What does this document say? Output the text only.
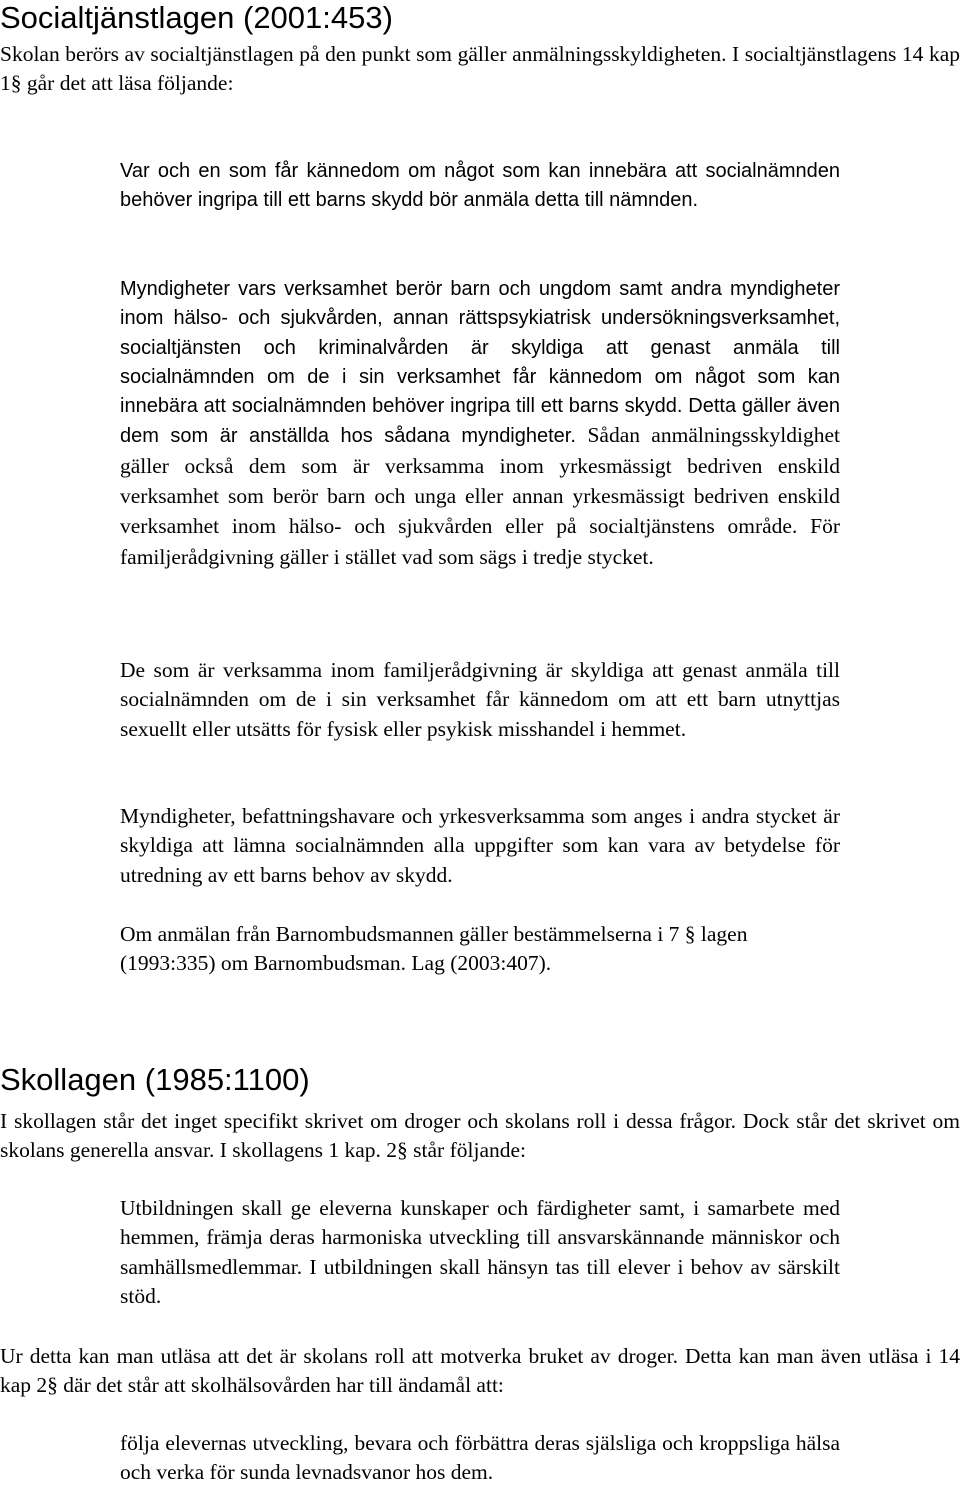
Socialtjänstlagen (2001:453)

Skolan berörs av socialtjänstlagen på den punkt som gäller anmälningsskyldigheten. I socialtjänstlagens 14 kap 1§ går det att läsa följande:

Var och en som får kännedom om något som kan innebära att socialnämnden behöver ingripa till ett barns skydd bör anmäla detta till nämnden.

Myndigheter vars verksamhet berör barn och ungdom samt andra myndigheter inom hälso- och sjukvården, annan rättspsykiatrisk undersökningsverksamhet, socialtjänsten och kriminalvården är skyldiga att genast anmäla till socialnämnden om de i sin verksamhet får kännedom om något som kan innebära att socialnämnden behöver ingripa till ett barns skydd. Detta gäller även dem som är anställda hos sådana myndigheter. Sådan anmälningsskyldighet gäller också dem som är verksamma inom yrkesmässigt bedriven enskild verksamhet som berör barn och unga eller annan yrkesmässigt bedriven enskild verksamhet inom hälso- och sjukvården eller på socialtjänstens område. För familjerådgivning gäller i stället vad som sägs i tredje stycket.

De som är verksamma inom familjerådgivning är skyldiga att genast anmäla till socialnämnden om de i sin verksamhet får kännedom om att ett barn utnyttjas sexuellt eller utsätts för fysisk eller psykisk misshandel i hemmet.

Myndigheter, befattningshavare och yrkesverksamma som anges i andra stycket är skyldiga att lämna socialnämnden alla uppgifter som kan vara av betydelse för utredning av ett barns behov av skydd.

Om anmälan från Barnombudsmannen gäller bestämmelserna i 7 § lagen (1993:335) om Barnombudsman. Lag (2003:407).

Skollagen (1985:1100)

I skollagen står det inget specifikt skrivet om droger och skolans roll i dessa frågor. Dock står det skrivet om skolans generella ansvar. I skollagens 1 kap. 2§ står följande:

Utbildningen skall ge eleverna kunskaper och färdigheter samt, i samarbete med hemmen, främja deras harmoniska utveckling till ansvarskännande människor och samhällsmedlemmar. I utbildningen skall hänsyn tas till elever i behov av särskilt stöd.

Ur detta kan man utläsa att det är skolans roll att motverka bruket av droger. Detta kan man även utläsa i 14 kap 2§ där det står att skolhälsovården har till ändamål att:

följa elevernas utveckling, bevara och förbättra deras själsliga och kroppsliga hälsa och verka för sunda levnadsvanor hos dem.
